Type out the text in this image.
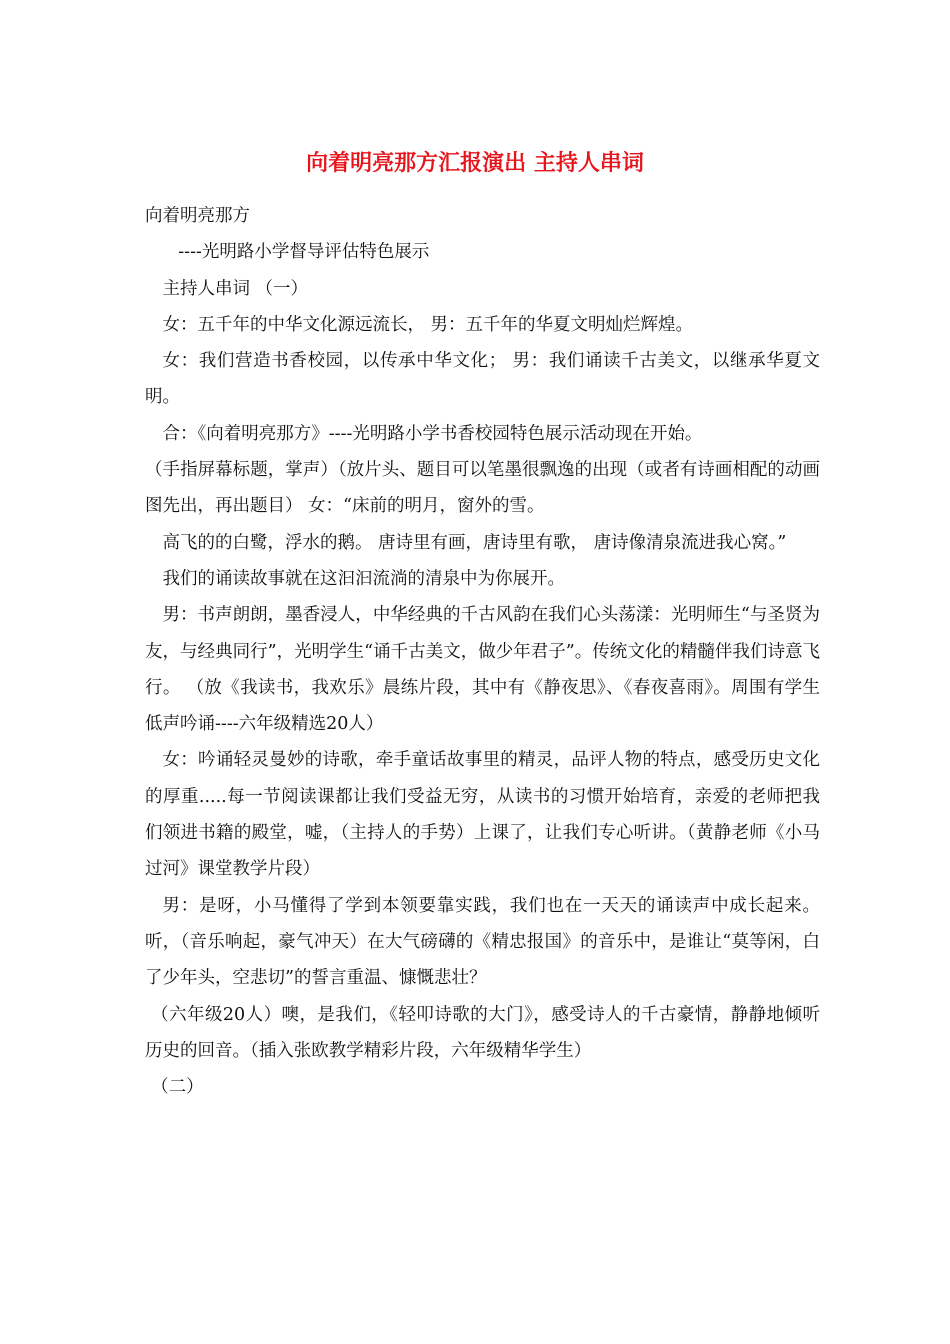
向着明亮那方汇报演出 主持人串词

向着明亮那方

----光明路小学督导评估特色展示

主持人串词 （一）

女：五千年的中华文化源远流长， 男：五千年的华夏文明灿烂辉煌。

女：我们营造书香校园，以传承中华文化； 男：我们诵读千古美文，以继承华夏文明。

合：《向着明亮那方》----光明路小学书香校园特色展示活动现在开始。

（手指屏幕标题，掌声）（放片头、题目可以笔墨很飘逸的出现（或者有诗画相配的动画图先出，再出题目） 女：“床前的明月，窗外的雪。

高飞的的白鹭，浮水的鹅。 唐诗里有画，唐诗里有歌， 唐诗像清泉流进我心窝。”

我们的诵读故事就在这汩汩流淌的清泉中为你展开。

男：书声朗朗，墨香浸人，中华经典的千古风韵在我们心头荡漾：光明师生“与圣贤为友，与经典同行”，光明学生“诵千古美文，做少年君子”。传统文化的精髓伴我们诗意飞行。 （放《我读书，我欢乐》晨练片段，其中有《静夜思》、《春夜喜雨》。周围有学生低声吟诵----六年级精选20人）

女：吟诵轻灵曼妙的诗歌，牵手童话故事里的精灵，品评人物的特点，感受历史文化的厚重.....每一节阅读课都让我们受益无穷，从读书的习惯开始培育，亲爱的老师把我们领进书籍的殿堂，嘘，（主持人的手势）上课了，让我们专心听讲。（黄静老师《小马过河》课堂教学片段）

男：是呀，小马懂得了学到本领要靠实践，我们也在一天天的诵读声中成长起来。听，（音乐响起，豪气冲天）在大气磅礴的《精忠报国》的音乐中，是谁让“莫等闲，白了少年头，空悲切”的誓言重温、慷慨悲壮？

（六年级20人）噢，是我们，《轻叩诗歌的大门》，感受诗人的千古豪情，静静地倾听历史的回音。（插入张欧教学精彩片段，六年级精华学生）

（二）
